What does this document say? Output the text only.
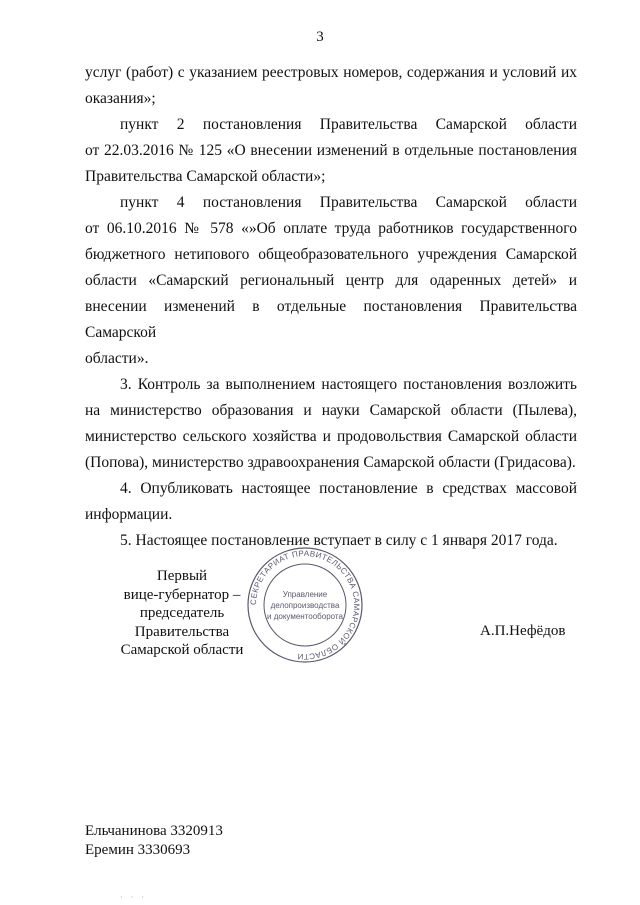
3

услуг (работ) с указанием реестровых номеров, содержания и условий их
оказания»;

пункт 2 постановления Правительства Самарской области
от 22.03.2016 № 125 «О внесении изменений в отдельные постановления
Правительства Самарской области»;

пункт 4 постановления Правительства Самарской области
от 06.10.2016 № 578 «»Об оплате труда работников государственного
бюджетного нетипового общеобразовательного учреждения Самарской
области «Самарский региональный центр для одаренных детей» и
внесении изменений в отдельные постановления Правительства Самарской
области».

3. Контроль за выполнением настоящего постановления возложить
на министерство образования и науки Самарской области (Пылева),
министерство сельского хозяйства и продовольствия Самарской области
(Попова), министерство здравоохранения Самарской области (Гридасова).

4. Опубликовать настоящее постановление в средствах массовой
информации.

5. Настоящее постановление вступает в силу с 1 января 2017 года.

СЕКРЕТАРИАТ ПРАВИТЕЛЬСТВА САМАРСКОЙ ОБЛАСТИ
Управление
делопроизводства
и документооборота
Первый
вице-губернатор –
председатель Правительства
Самарской области
А.П.Нефёдов
Ельчанинова 3320913
Еремин 3330693
· · ·
